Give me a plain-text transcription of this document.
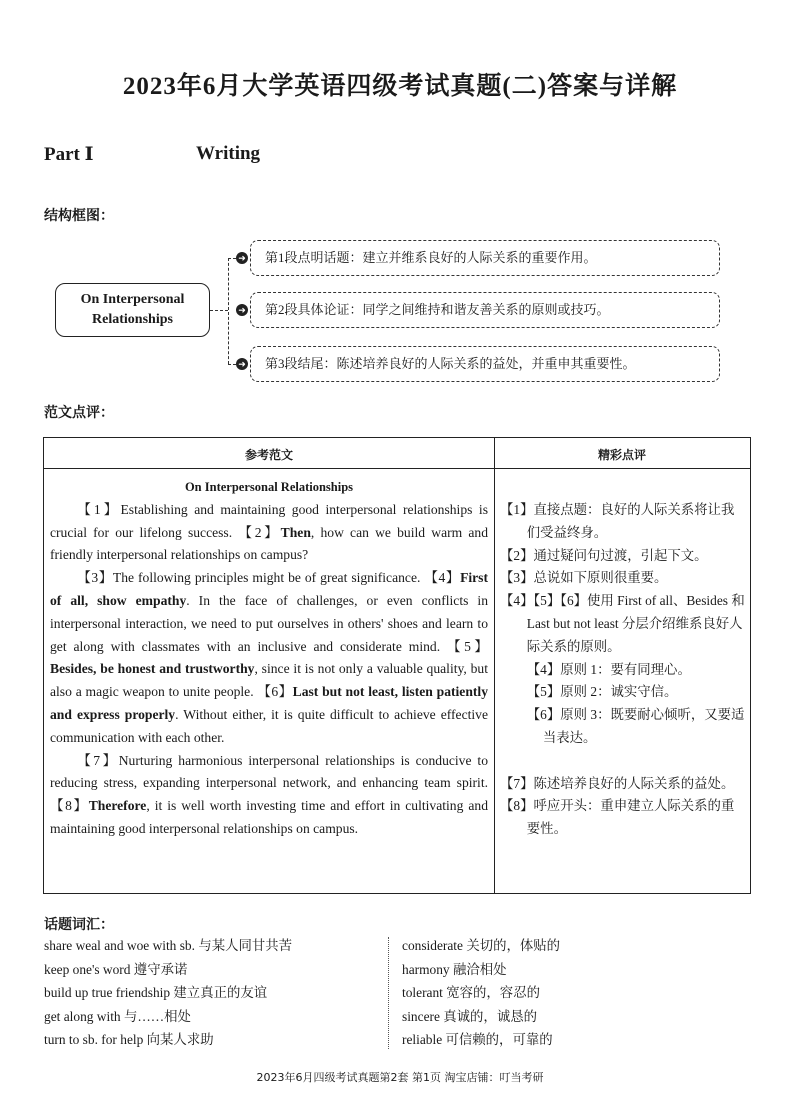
2023年6月大学英语四级考试真题(二)答案与详解
Part Ⅰ	Writing
结构框图：
On Interpersonal
Relationships
➜
➜
➜
第1段点明话题：建立并维系良好的人际关系的重要作用。
第2段具体论证：同学之间维持和谐友善关系的原则或技巧。
第3段结尾：陈述培养良好的人际关系的益处，并重申其重要性。
范文点评：
参考范文	精彩点评
On Interpersonal Relationships

【1】Establishing and maintaining good interpersonal relationships is crucial for our lifelong success. 【2】Then, how can we build warm and friendly interpersonal relationships on campus?

【3】The following principles might be of great significance. 【4】First of all, show empathy. In the face of challenges, or even conflicts in interpersonal interaction, we need to put ourselves in others' shoes and learn to get along with classmates with an inclusive and considerate mind. 【5】Besides, be honest and trustworthy, since it is not only a valuable quality, but also a magic weapon to unite people. 【6】Last but not least, listen patiently and express properly. Without either, it is quite difficult to achieve effective communication with each other.

【7】Nurturing harmonious interpersonal relationships is conducive to reducing stress, expanding interpersonal network, and enhancing team spirit. 【8】Therefore, it is well worth investing time and effort in cultivating and maintaining good interpersonal relationships on campus.

【1】直接点题：良好的人际关系将让我们受益终身。
【2】通过疑问句过渡，引起下文。
【3】总说如下原则很重要。
【4】【5】【6】使用 First of all、Besides 和 Last but not least 分层介绍维系良好人际关系的原则。
【4】原则 1：要有同理心。
【5】原则 2：诚实守信。
【6】原则 3：既要耐心倾听，又要适当表达。
【7】陈述培养良好的人际关系的益处。
【8】呼应开头：重申建立人际关系的重要性。
话题词汇：
share weal and woe with sb. 与某人同甘共苦
keep one's word 遵守承诺
build up true friendship 建立真正的友谊
get along with 与……相处
turn to sb. for help 向某人求助
considerate 关切的，体贴的
harmony 融洽相处
tolerant 宽容的，容忍的
sincere 真诚的，诚恳的
reliable 可信赖的，可靠的
2023年6月四级考试真题第2套 第1页 淘宝店铺：叮当考研
